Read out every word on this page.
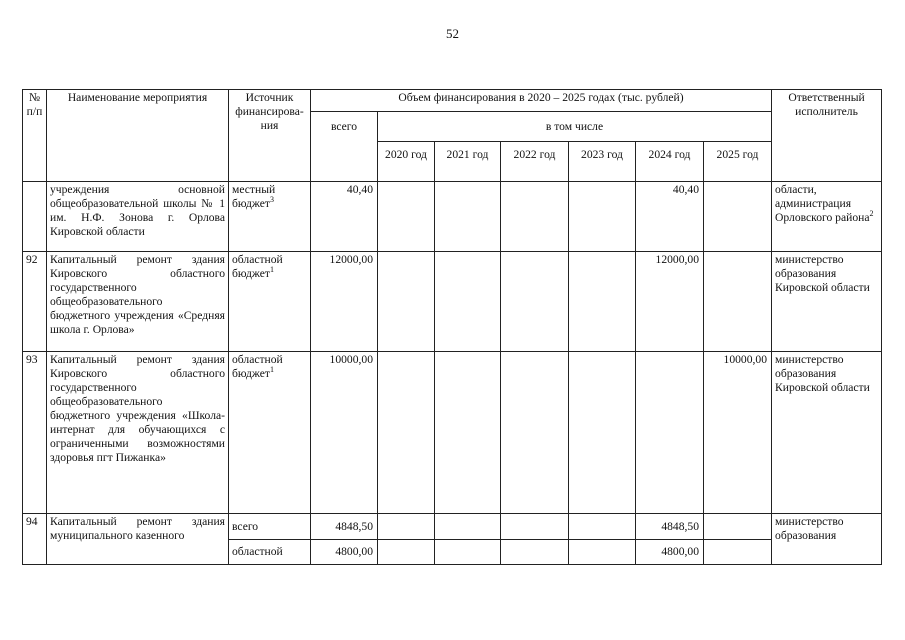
52
№ п/п	Наименование мероприятия	Источник финансирова-ния	Объем финансирования в 2020 – 2025 годах (тыс. рублей)							Ответственный исполнитель
			всего	в том числе						
				2020 год	2021 год	2022 год	2023 год	2024 год	2025 год	
	учреждения основной общеобразовательной школы № 1 им. Н.Ф. Зонова г. Орлова Кировской области	местный бюджет$^3$	40,40					40,40		области, администрация Орловского района$^2$
92	Капитальный ремонт здания Кировского областного государственного общеобразовательного бюджетного учреждения «Средняя школа г. Орлова»	областной бюджет$^1$	12000,00					12000,00		министерство образования Кировской области
93	Капитальный ремонт здания Кировского областного государственного общеобразовательного бюджетного учреждения «Школа-интернат для обучающихся с ограниченными возможностями здоровья пгт Пижанка»	областной бюджет$^1$	10000,00						10000,00	министерство образования Кировской области
94	Капитальный ремонт здания муниципального казенного	всего	4848,50					4848,50		министерство образования
		областной	4800,00					4800,00		
